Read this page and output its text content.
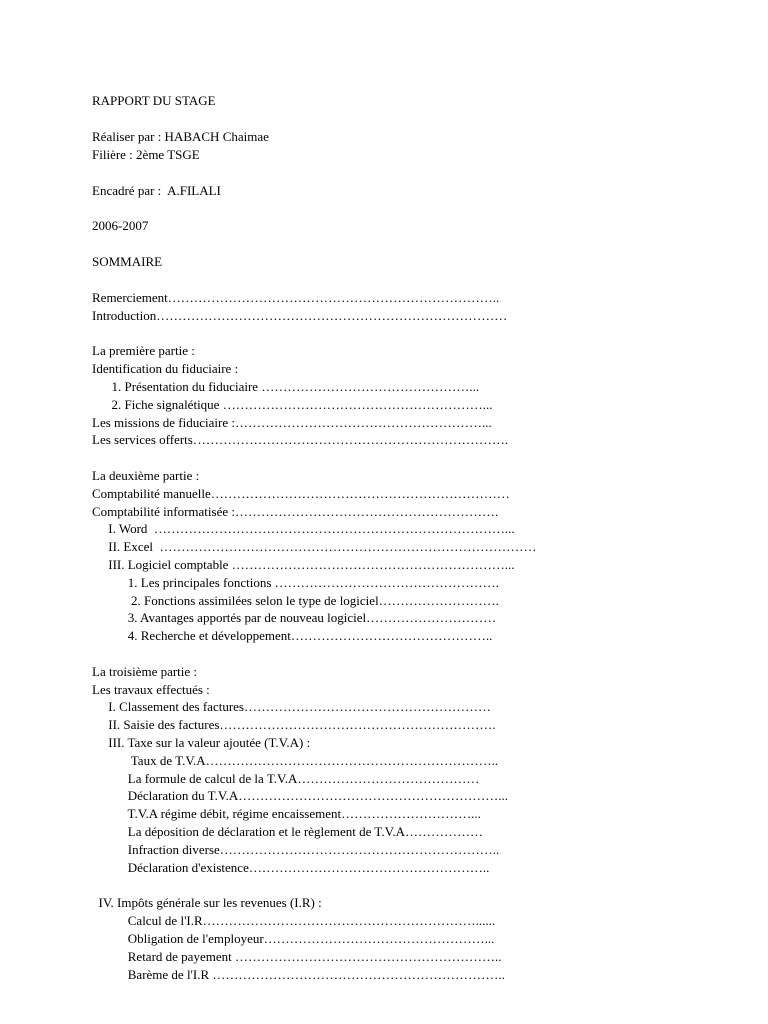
RAPPORT DU STAGE
Réaliser par : HABACH Chaimae
Filière : 2ème TSGE
Encadré par :  A.FILALI
2006-2007
SOMMAIRE
Remerciement…………………………………………………………………..
Introduction………………………………………………………………………
La première partie :
Identification du fiduciaire :
1. Présentation du fiduciaire …………………………………………...
2. Fiche signalétique ……………………………………………………...
Les missions de fiduciaire :…………………………………………………...
Les services offerts……………………………………………………………….
La deuxième partie :
Comptabilité manuelle……………………………………………………………
Comptabilité informatisée :…………………………………………………….
I. Word  ………………………………………………………………………...
II. Excel  ……………………………………………………………………………
III. Logiciel comptable ………………………………………………………...
1. Les principales fonctions …………………………………………….
2. Fonctions assimilées selon le type de logiciel……………………….
3. Avantages apportés par de nouveau logiciel…………………………
4. Recherche et développement………………………………………..
La troisième partie :
Les travaux effectués :
I. Classement des factures…………………………………………………
II. Saisie des factures……………………………………………………….
III. Taxe sur la valeur ajoutée (T.V.A) :
Taux de T.V.A…………………………………………………………..
La formule de calcul de la T.V.A……………………………………
Déclaration du T.V.A……………………………………………………...
T.V.A régime débit, régime encaissement…………………………...
La déposition de déclaration et le règlement de T.V.A………………
Infraction diverse………………………………………………………..
Déclaration d'existence………………………………………………..
IV. Impôts générale sur les revenues (I.R) :
Calcul de l'I.R………………………………………………………......
Obligation de l'employeur……………………………………………...
Retard de payement ……………………………………………………..
Barème de l'I.R …………………………………………………………..
